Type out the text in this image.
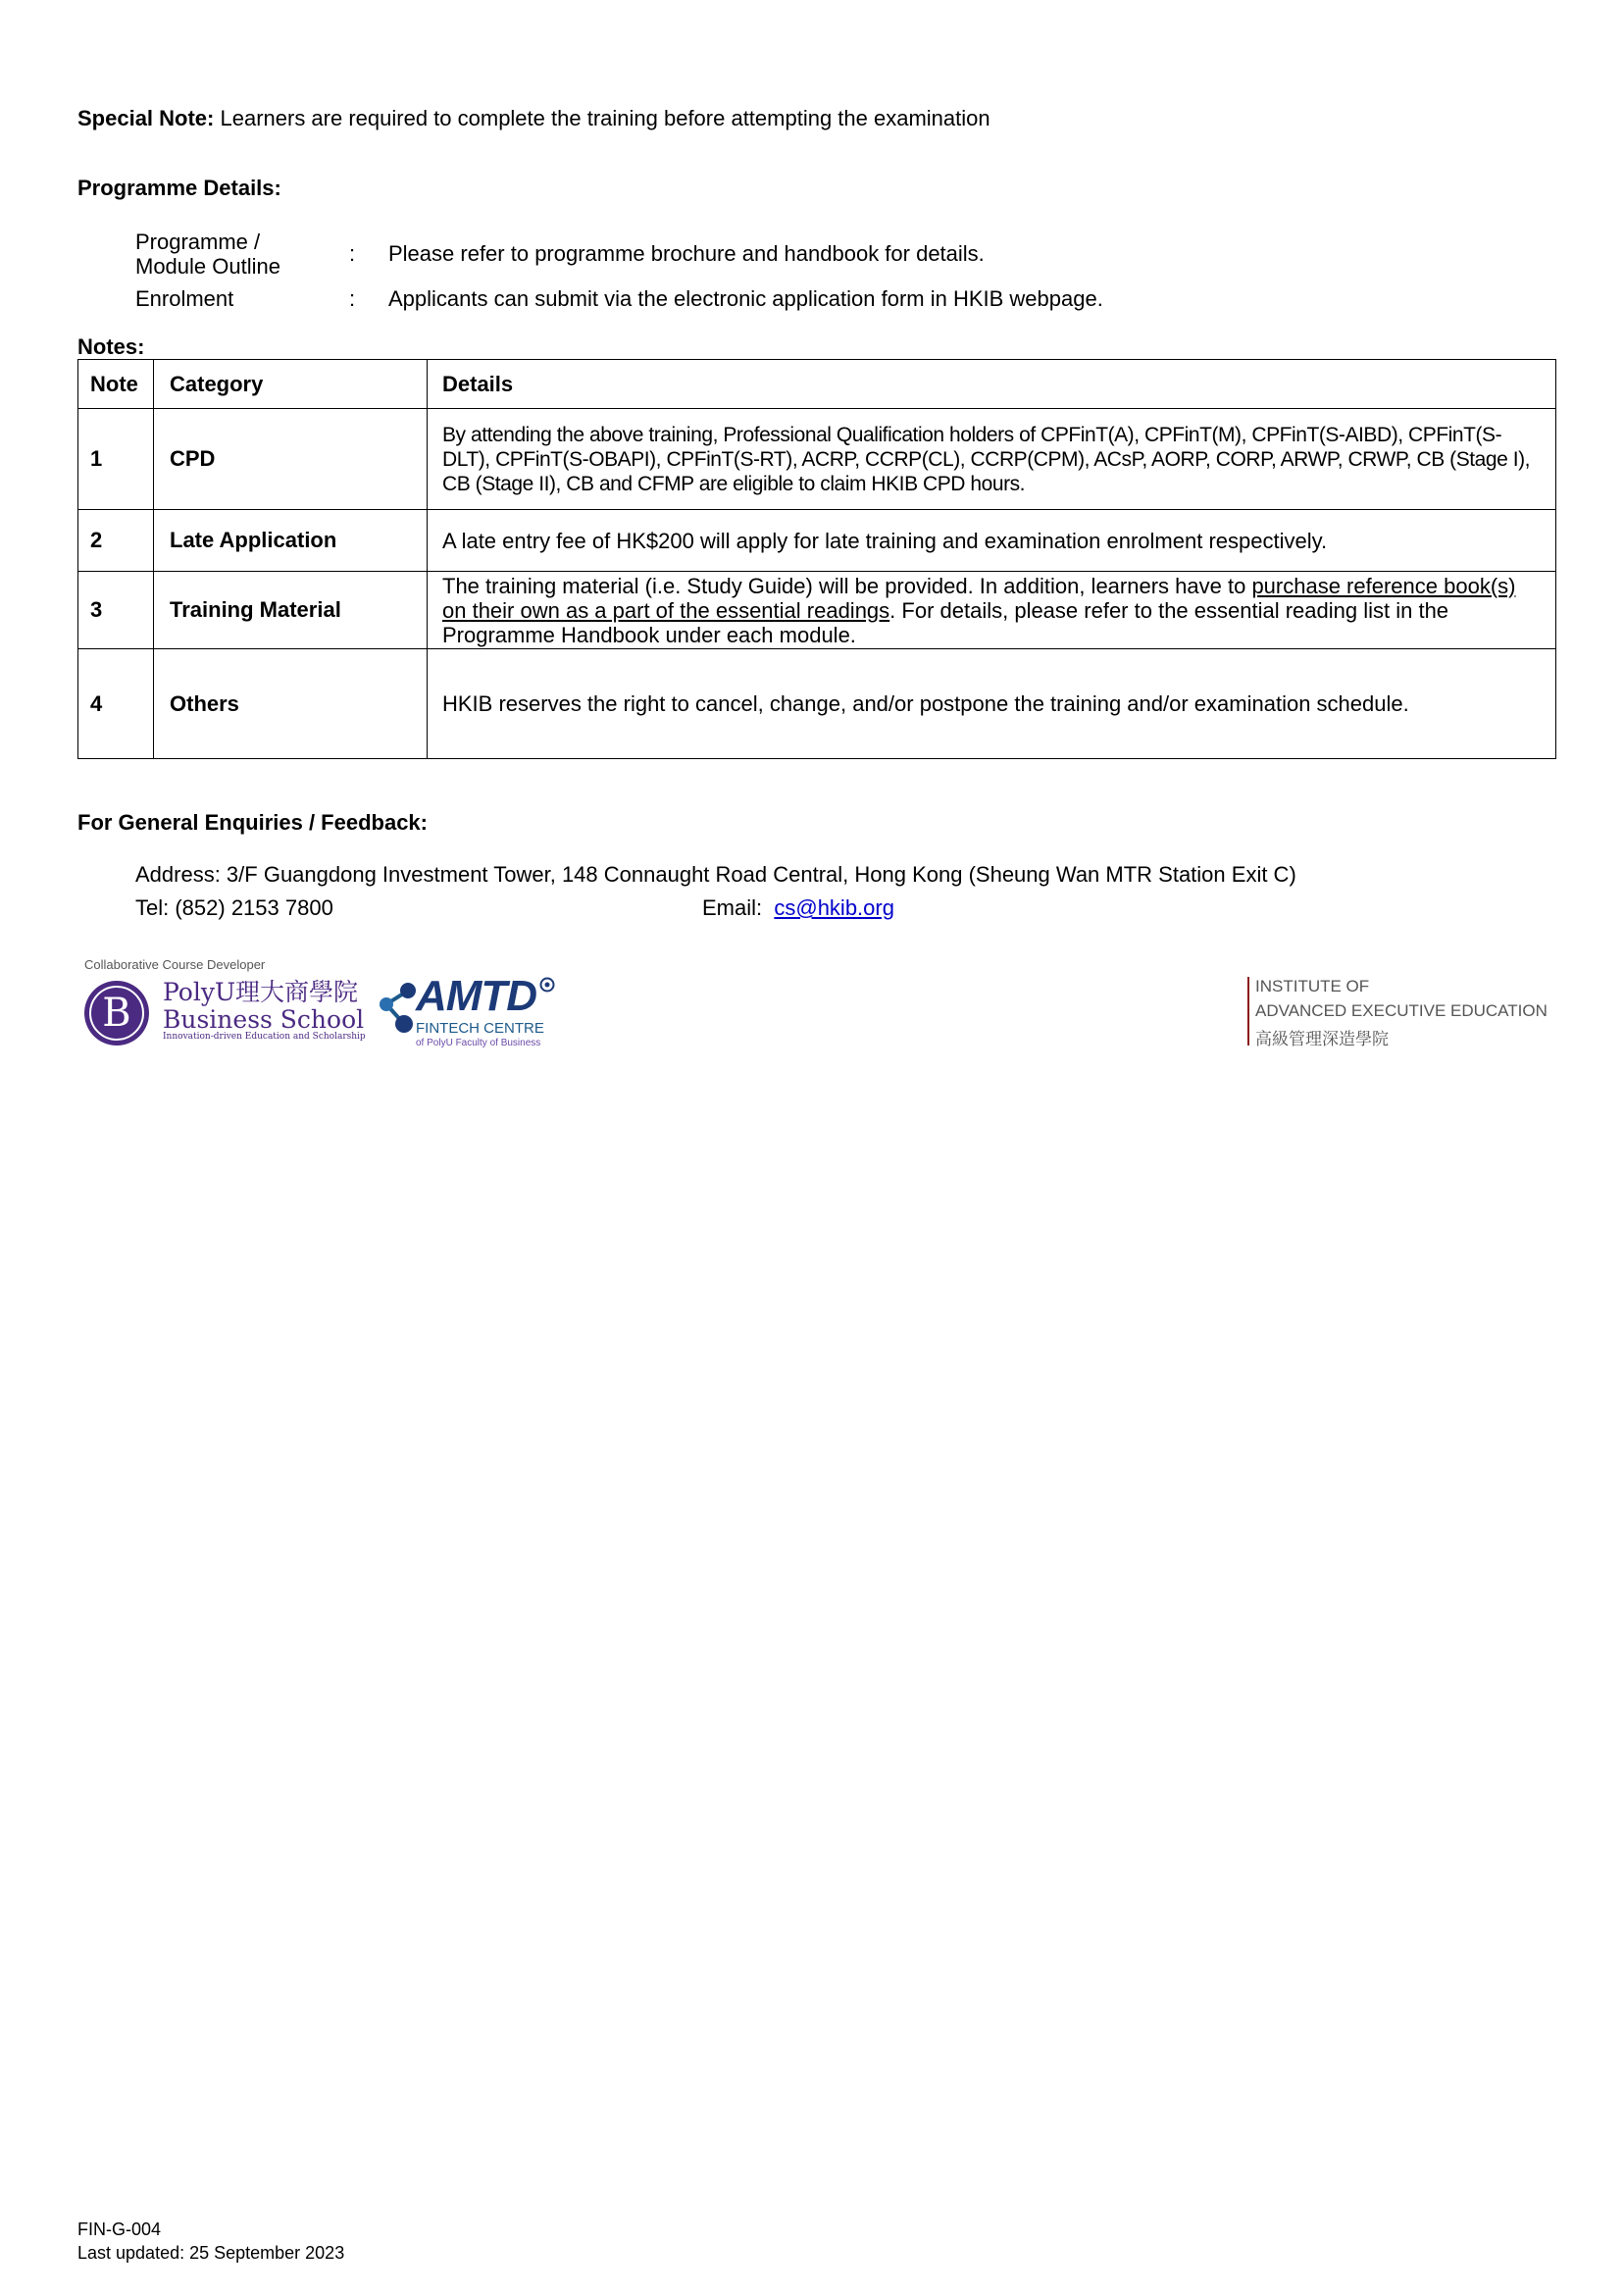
Special Note: Learners are required to complete the training before attempting the examination
Programme Details:
Programme /
Module Outline
: Please refer to programme brochure and handbook for details.
Enrolment	: Applicants can submit via the electronic application form in HKIB webpage.
Notes:
Note	Category	Details
1	CPD	By attending the above training, Professional Qualification holders of CPFinT(A), CPFinT(M), CPFinT(S-AIBD), CPFinT(S-DLT), CPFinT(S-OBAPI), CPFinT(S-RT), ACRP, CCRP(CL), CCRP(CPM), ACsP, AORP, CORP, ARWP, CRWP, CB (Stage I), CB (Stage II), CB and CFMP are eligible to claim HKIB CPD hours.
2	Late Application	A late entry fee of HK$200 will apply for late training and examination enrolment respectively.
3	Training Material	The training material (i.e. Study Guide) will be provided. In addition, learners have to purchase reference book(s) on their own as a part of the essential readings. For details, please refer to the essential reading list in the Programme Handbook under each module.
4	Others	HKIB reserves the right to cancel, change, and/or postpone the training and/or examination schedule.
For General Enquiries / Feedback:
Address: 3/F Guangdong Investment Tower, 148 Connaught Road Central, Hong Kong (Sheung Wan MTR Station Exit C)
Tel: (852) 2153 7800	Email: cs@hkib.org
Collaborative Course Developer
B	PolyU理大商學院
Business School
Innovation-driven Education and Scholarship
AMTD
FINTECH CENTRE
of PolyU Faculty of Business
INSTITUTE OF
ADVANCED EXECUTIVE EDUCATION
高級管理深造學院
FIN-G-004
Last updated: 25 September 2023
